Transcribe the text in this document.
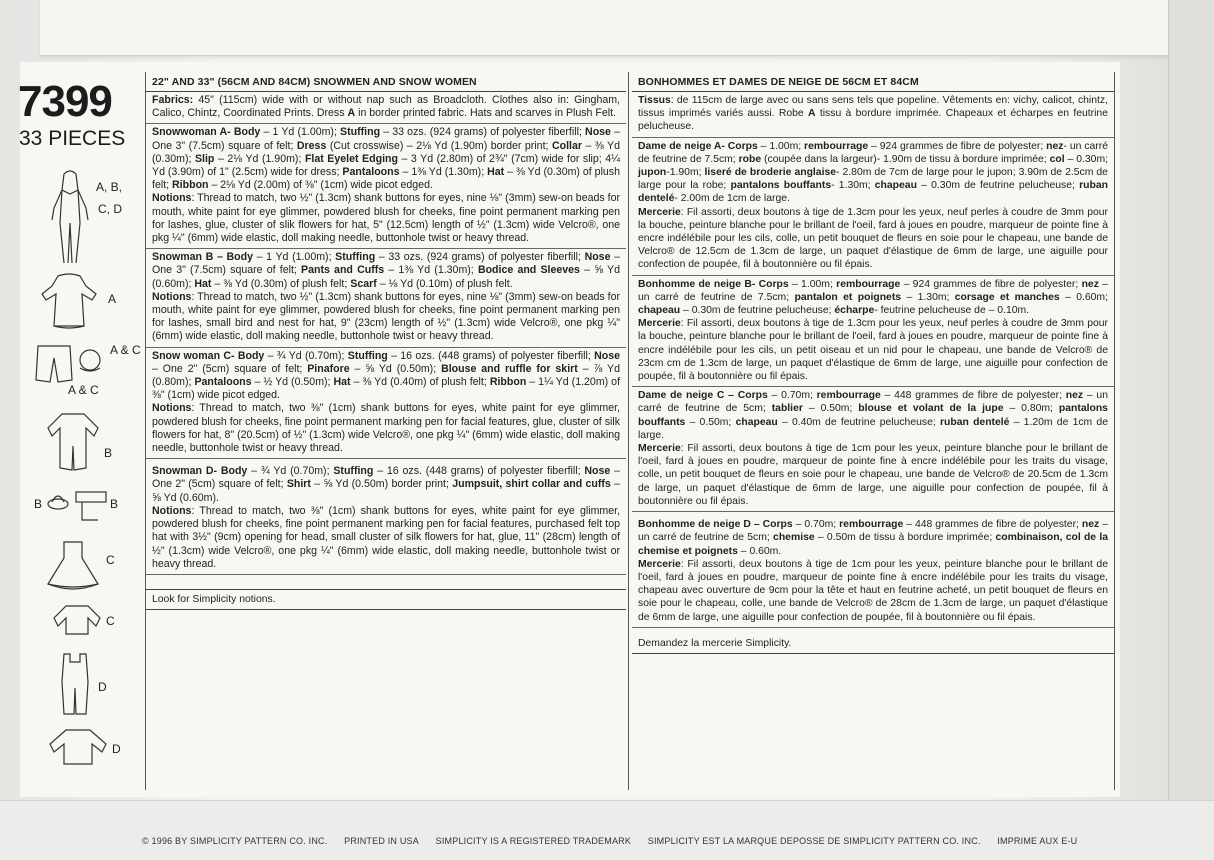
7399
33 PIECES
A, B,
C, D
A
A & C
A & C
B
B	B
C
C
D
D
22" AND 33" (56CM AND 84CM) SNOWMEN AND SNOW WOMEN

Fabrics: 45" (115cm) wide with or without nap such as Broadcloth. Clothes also in: Gingham, Calico, Chintz, Coordinated Prints. Dress A in border printed fabric. Hats and scarves in Plush Felt.

Snowwoman A- Body – 1 Yd (1.00m); Stuffing – 33 ozs. (924 grams) of polyester fiberfill; Nose – One 3" (7.5cm) square of felt; Dress (Cut crosswise) – 2⅛ Yd (1.90m) border print; Collar – ⅜ Yd (0.30m); Slip – 2⅛ Yd (1.90m); Flat Eyelet Edging – 3 Yd (2.80m) of 2¾" (7cm) wide for slip; 4¼ Yd (3.90m) of 1" (2.5cm) wide for dress; Pantaloons – 1⅜ Yd (1.30m); Hat – ⅜ Yd (0.30m) of plush felt; Ribbon – 2⅛ Yd (2.00m) of ⅜" (1cm) wide picot edged.

Notions: Thread to match, two ½" (1.3cm) shank buttons for eyes, nine ⅛" (3mm) sew-on beads for mouth, white paint for eye glimmer, powdered blush for cheeks, fine point permanent marking pen for lashes, glue, cluster of slik flowers for hat, 5" (12.5cm) length of ½" (1.3cm) wide Velcro®, one pkg ¼" (6mm) wide elastic, doll making needle, buttonhole twist or heavy thread.

Snowman B – Body – 1 Yd (1.00m); Stuffing – 33 ozs. (924 grams) of polyester fiberfill; Nose – One 3" (7.5cm) square of felt; Pants and Cuffs – 1⅜ Yd (1.30m); Bodice and Sleeves – ⅝ Yd (0.60m); Hat – ⅜ Yd (0.30m) of plush felt; Scarf – ⅛ Yd (0.10m) of plush felt.

Notions: Thread to match, two ½" (1.3cm) shank buttons for eyes, nine ⅛" (3mm) sew-on beads for mouth, white paint for eye glimmer, powdered blush for cheeks, fine point permanent marking pen for lashes, small bird and nest for hat, 9" (23cm) length of ½" (1.3cm) wide Velcro®, one pkg ¼" (6mm) wide elastic, doll making needle, buttonhole twist or heavy thread.

Snow woman C- Body – ¾ Yd (0.70m); Stuffing – 16 ozs. (448 grams) of polyester fiberfill; Nose – One 2" (5cm) square of felt; Pinafore – ⅝ Yd (0.50m); Blouse and ruffle for skirt – ⅞ Yd (0.80m); Pantaloons – ½ Yd (0.50m); Hat – ⅜ Yd (0.40m) of plush felt; Ribbon – 1¼ Yd (1.20m) of ⅜" (1cm) wide picot edged.

Notions: Thread to match, two ⅜" (1cm) shank buttons for eyes, white paint for eye glimmer, powdered blush for cheeks, fine point permanent marking pen for facial features, glue, cluster of silk flowers for hat, 8" (20.5cm) of ½" (1.3cm) wide Velcro®, one pkg ¼" (6mm) wide elastic, doll making needle, buttonhole twist or heavy thread.

Snowman D- Body – ¾ Yd (0.70m); Stuffing – 16 ozs. (448 grams) of polyester fiberfill; Nose – One 2" (5cm) square of felt; Shirt – ⅝ Yd (0.50m) border print; Jumpsuit, shirt collar and cuffs – ⅝ Yd (0.60m).

Notions: Thread to match, two ⅜" (1cm) shank buttons for eyes, white paint for eye glimmer, powdered blush for cheeks, fine point permanent marking pen for facial features, purchased felt top hat with 3½" (9cm) opening for head, small cluster of silk flowers for hat, glue, 11" (28cm) length of ½" (1.3cm) wide Velcro®, one pkg ¼" (6mm) wide elastic, doll making needle, buttonhole twist or heavy thread.

Look for Simplicity notions.
BONHOMMES ET DAMES DE NEIGE DE 56CM ET 84CM

Tissus: de 115cm de large avec ou sans sens tels que popeline. Vêtements en: vichy, calicot, chintz, tissus imprimés variés aussi. Robe A tissu à bordure imprimée. Chapeaux et écharpes en feutrine pelucheuse.

Dame de neige A- Corps – 1.00m; rembourrage – 924 grammes de fibre de polyester; nez- un carré de feutrine de 7.5cm; robe (coupée dans la largeur)- 1.90m de tissu à bordure imprimée; col – 0.30m; jupon-1.90m; liseré de broderie anglaise- 2.80m de 7cm de large pour le jupon; 3.90m de 2.5cm de large pour la robe; pantalons bouffants- 1.30m; chapeau – 0.30m de feutrine pelucheuse; ruban dentelé- 2.00m de 1cm de large.

Mercerie: Fil assorti, deux boutons à tige de 1.3cm pour les yeux, neuf perles à coudre de 3mm pour la bouche, peinture blanche pour le brillant de l'oeil, fard à joues en poudre, marqueur de pointe fine à encre indélébile pour les cils, colle, un petit bouquet de fleurs en soie pour le chapeau, une bande de Velcro® de 12.5cm de 1.3cm de large, un paquet d'élastique de 6mm de large, une aiguille pour confection de poupée, fil à boutonnière ou fil épais.

Bonhomme de neige B- Corps – 1.00m; rembourrage – 924 grammes de fibre de polyester; nez – un carré de feutrine de 7.5cm; pantalon et poignets – 1.30m; corsage et manches – 0.60m; chapeau – 0.30m de feutrine pelucheuse; écharpe- feutrine pelucheuse de – 0.10m.

Mercerie: Fil assorti, deux boutons à tige de 1.3cm pour les yeux, neuf perles à coudre de 3mm pour la bouche, peinture blanche pour le brillant de l'oeil, fard à joues en poudre, marqueur de pointe fine à encre indélébile pour les cils, un petit oiseau et un nid pour le chapeau, une bande de Velcro® de 23cm cm de 1.3cm de large, un paquet d'élastique de 6mm de large, une aiguille pour confection de poupée, fil à boutonnière ou fil épais.

Dame de neige C – Corps – 0.70m; rembourrage – 448 grammes de fibre de polyester; nez – un carré de feutrine de 5cm; tablier – 0.50m; blouse et volant de la jupe – 0.80m; pantalons bouffants – 0.50m; chapeau – 0.40m de feutrine pelucheuse; ruban dentelé – 1.20m de 1cm de large.

Mercerie: Fil assorti, deux boutons à tige de 1cm pour les yeux, peinture blanche pour le brillant de l'oeil, fard à joues en poudre, marqueur de pointe fine à encre indélébile pour les traits du visage, colle, un petit bouquet de fleurs en soie pour le chapeau, une bande de Velcro® de 20.5cm de 1.3cm de large, un paquet d'élastique de 6mm de large, une aiguille pour confection de poupée, fil à boutonnière ou fil épais.

Bonhomme de neige D – Corps – 0.70m; rembourrage – 448 grammes de fibre de polyester; nez – un carré de feutrine de 5cm; chemise – 0.50m de tissu à bordure imprimée; combinaison, col de la chemise et poignets – 0.60m.

Mercerie: Fil assorti, deux boutons à tige de 1cm pour les yeux, peinture blanche pour le brillant de l'oeil, fard à joues en poudre, marqueur de pointe fine à encre indélébile pour les traits du visage, chapeau avec ouverture de 9cm pour la tête et haut en feutrine acheté, un petit bouquet de fleurs en soie pour le chapeau, colle, une bande de Velcro® de 28cm de 1.3cm de large, un paquet d'élastique de 6mm de large, une aiguille pour confection de poupée, fil à boutonnière ou fil épais.

Demandez la mercerie Simplicity.
© 1996 BY SIMPLICITY PATTERN CO. INC. PRINTED IN USA SIMPLICITY IS A REGISTERED TRADEMARK SIMPLICITY EST LA MARQUE DEPOSSE DE SIMPLICITY PATTERN CO. INC. IMPRIME AUX E-U
